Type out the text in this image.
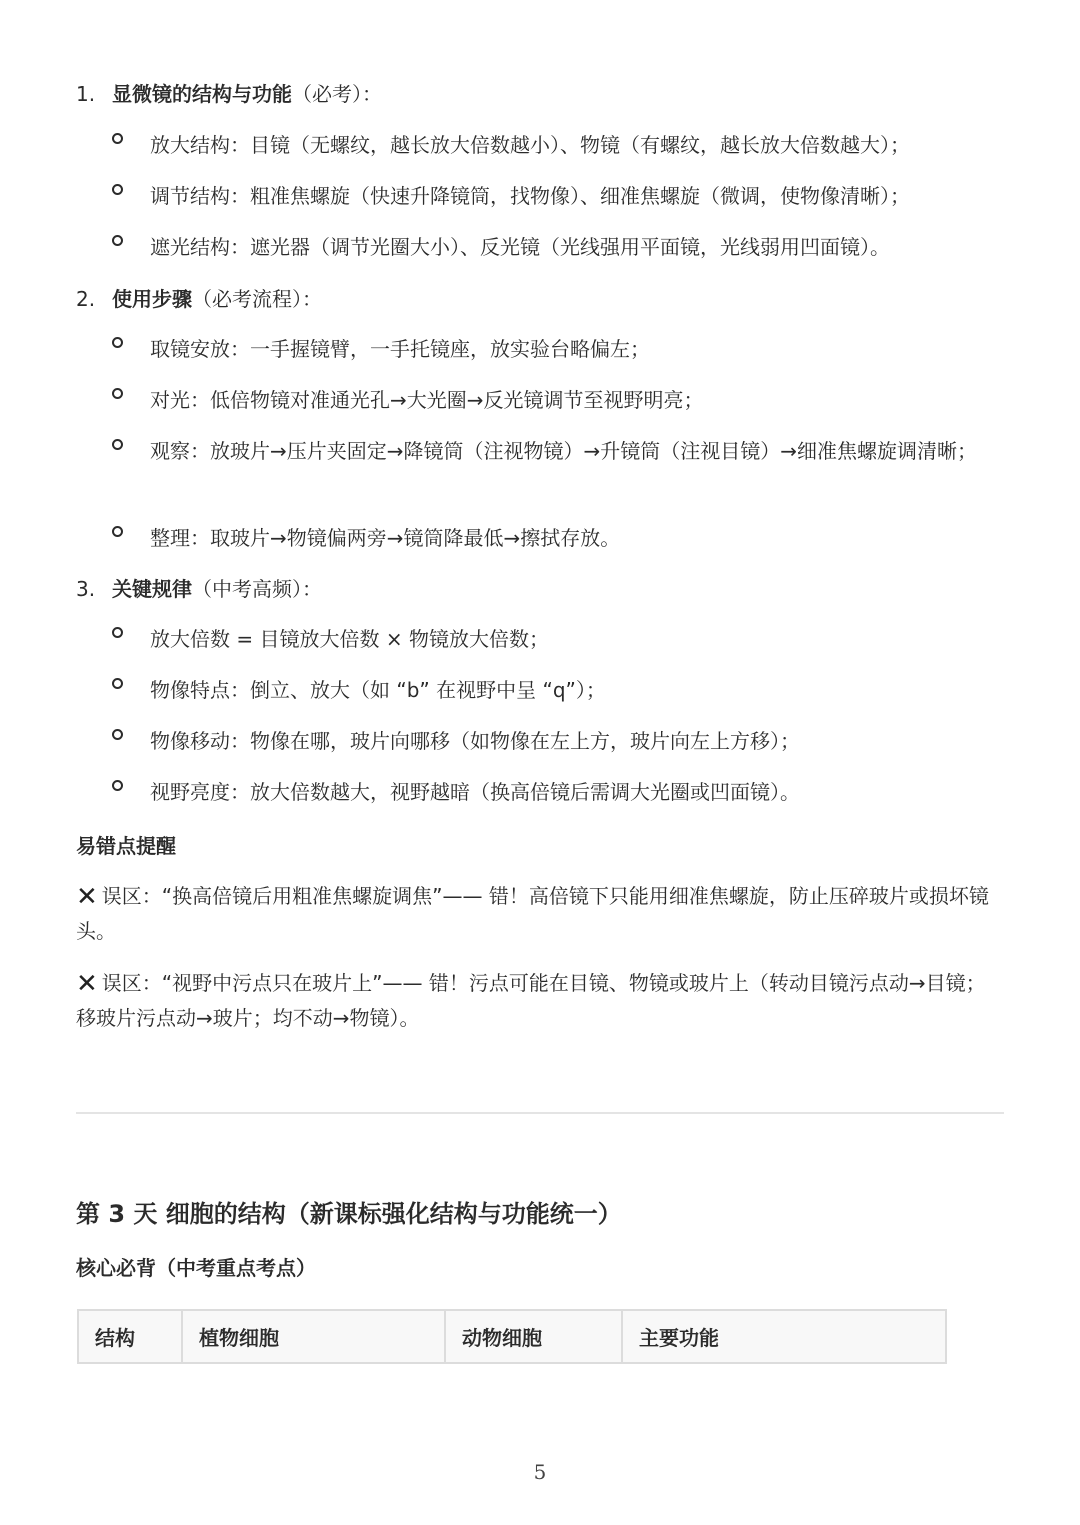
1. 显微镜的结构与功能（必考）：
放大结构：目镜（无螺纹，越长放大倍数越小）、物镜（有螺纹，越长放大倍数越大）；
调节结构：粗准焦螺旋（快速升降镜筒，找物像）、细准焦螺旋（微调，使物像清晰）；
遮光结构：遮光器（调节光圈大小）、反光镜（光线强用平面镜，光线弱用凹面镜）。
2. 使用步骤（必考流程）：
取镜安放：一手握镜臂，一手托镜座，放实验台略偏左；
对光：低倍物镜对准通光孔→大光圈→反光镜调节至视野明亮；
观察：放玻片→压片夹固定→降镜筒（注视物镜）→升镜筒（注视目镜）→细准焦螺旋调清晰；
整理：取玻片→物镜偏两旁→镜筒降最低→擦拭存放。
3. 关键规律（中考高频）：
放大倍数 = 目镜放大倍数 × 物镜放大倍数；
物像特点：倒立、放大（如 “b” 在视野中呈 “q”）；
物像移动：物像在哪，玻片向哪移（如物像在左上方，玻片向左上方移）；
视野亮度：放大倍数越大，视野越暗（换高倍镜后需调大光圈或凹面镜）。
易错点提醒
✕ 误区：“换高倍镜后用粗准焦螺旋调焦”—— 错！高倍镜下只能用细准焦螺旋，防止压碎玻片或损坏镜头。
✕ 误区：“视野中污点只在玻片上”—— 错！污点可能在目镜、物镜或玻片上（转动目镜污点动→目镜；移玻片污点动→玻片；均不动→物镜）。
第 3 天 细胞的结构（新课标强化结构与功能统一）
核心必背（中考重点考点）
结构	植物细胞	动物细胞	主要功能
5
